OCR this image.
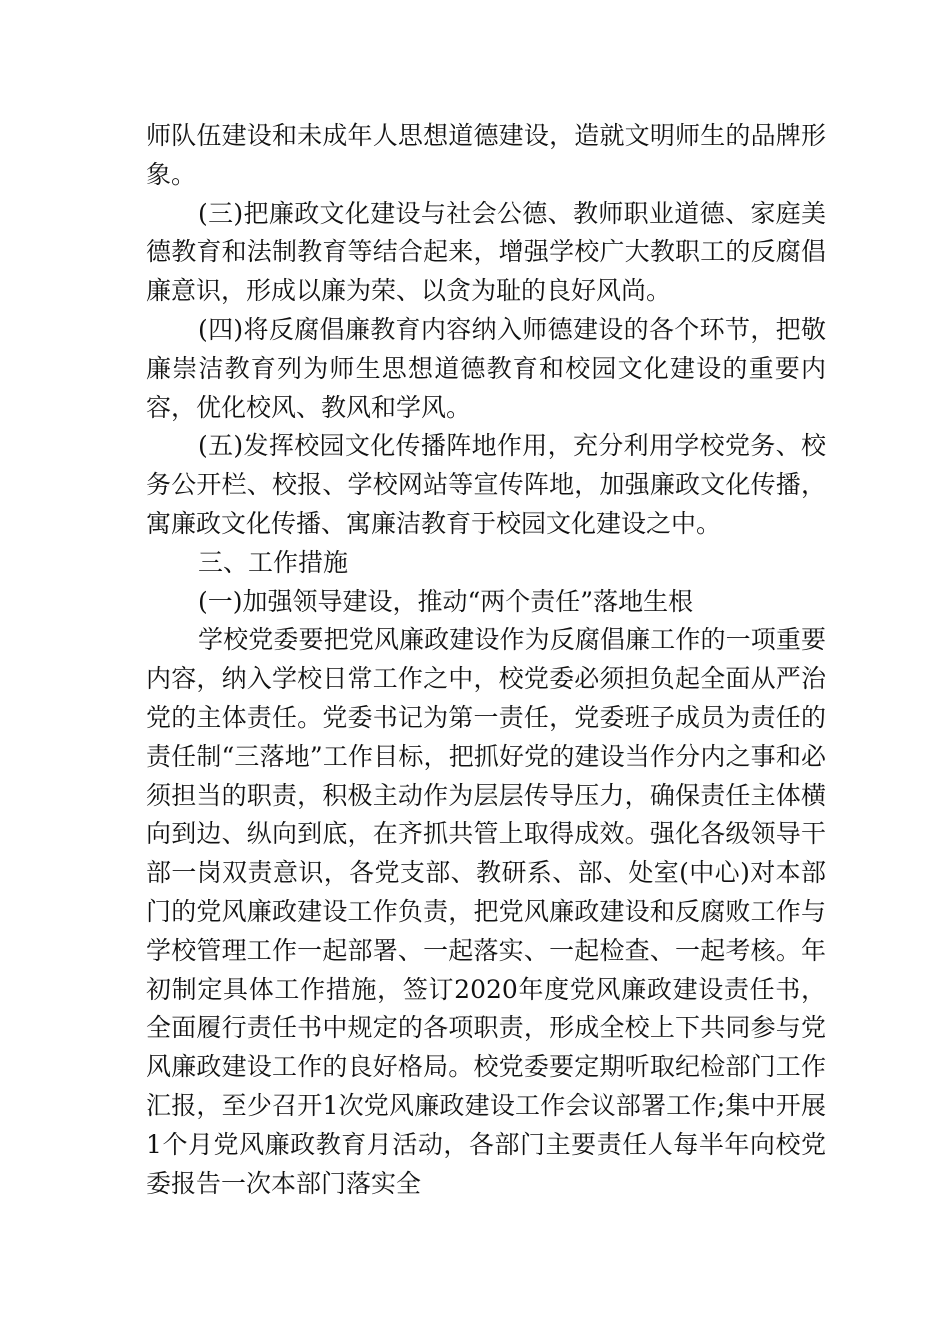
师队伍建设和未成年人思想道德建设，造就文明师生的品牌形象。

(三)把廉政文化建设与社会公德、教师职业道德、家庭美德教育和法制教育等结合起来，增强学校广大教职工的反腐倡廉意识，形成以廉为荣、以贪为耻的良好风尚。

(四)将反腐倡廉教育内容纳入师德建设的各个环节，把敬廉崇洁教育列为师生思想道德教育和校园文化建设的重要内容，优化校风、教风和学风。

(五)发挥校园文化传播阵地作用，充分利用学校党务、校务公开栏、校报、学校网站等宣传阵地，加强廉政文化传播，寓廉政文化传播、寓廉洁教育于校园文化建设之中。

三、工作措施

(一)加强领导建设，推动“两个责任”落地生根

学校党委要把党风廉政建设作为反腐倡廉工作的一项重要内容，纳入学校日常工作之中，校党委必须担负起全面从严治党的主体责任。党委书记为第一责任，党委班子成员为责任的责任制“三落地”工作目标，把抓好党的建设当作分内之事和必须担当的职责，积极主动作为层层传导压力，确保责任主体横向到边、纵向到底，在齐抓共管上取得成效。强化各级领导干部一岗双责意识，各党支部、教研系、部、处室(中心)对本部门的党风廉政建设工作负责，把党风廉政建设和反腐败工作与学校管理工作一起部署、一起落实、一起检查、一起考核。年初制定具体工作措施，签订2020年度党风廉政建设责任书，全面履行责任书中规定的各项职责，形成全校上下共同参与党风廉政建设工作的良好格局。校党委要定期听取纪检部门工作汇报，至少召开1次党风廉政建设工作会议部署工作;集中开展1个月党风廉政教育月活动，各部门主要责任人每半年向校党委报告一次本部门落实全
